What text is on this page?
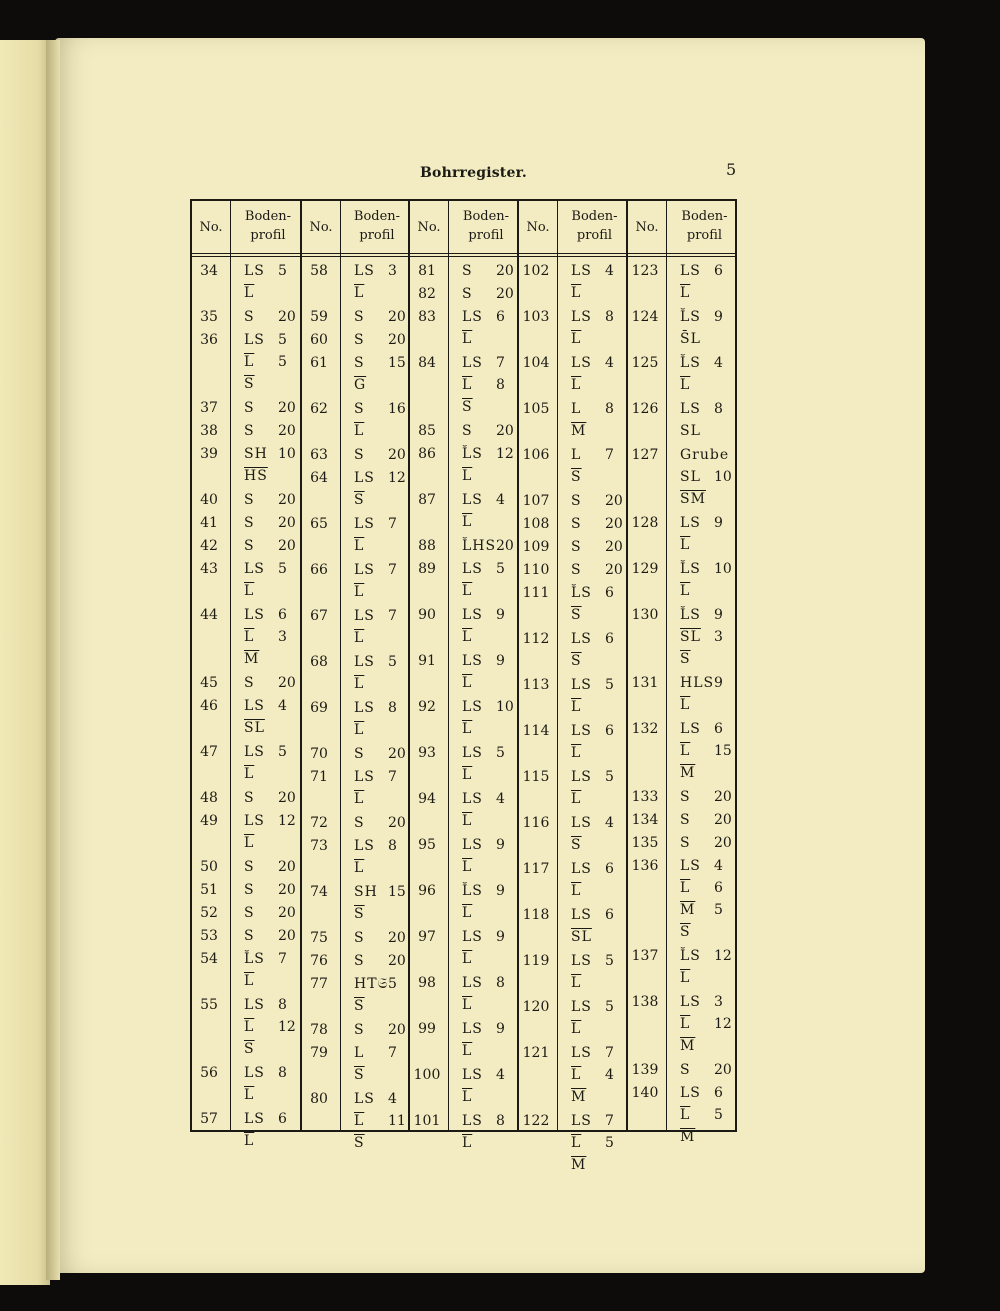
Bohrregister.	5
No.
Boden-
profil
34	LS 5
$\overline{L}$
35	S 20
36	LS 5
$\overline{L}$ 5
$\overline{S}$
37	S 20
38	S 20
39	SH 10
$\overline{HS}$
40	S 20
41	S 20
42	S 20
43	LS 5
$\overline{L}$
44	LS 6
$\overline{L}$ 3
$\overline{M}$
45	S 20
46	LS 4
$\overline{SL}$
47	LS 5
$\overline{L}$
48	S 20
49	LS 12
$\overline{L}$
50	S 20
51	S 20
52	S 20
53	S 20
54	L̆S 7
$\overline{L}$
55	LS 8
$\overline{L}$ 12
$\overline{S}$
56	LS 8
$\overline{L}$
57	LS 6
$\overline{L}$
No.
Boden-
profil
58	LS 3
$\overline{L}$
59	S 20
60	S 20
61	S 15
$\overline{G}$
62	S 16
$\overline{L}$
63	S 20
64	LS 12
$\overline{S}$
65	LS 7
$\overline{L}$
66	LS 7
$\overline{L}$
67	LS 7
$\overline{L}$
68	LS 5
$\overline{L}$
69	LS 8
$\overline{L}$
70	S 20
71	LS 7
$\overline{L}$
72	S 20
73	LS 8
$\overline{L}$
74	SH 15
$\overline{S}$
75	S 20
76	S 20
77	HT𝔖 5
$\overline{S}$
78	S 20
79	L 7
$\overline{S}$
80	LS 4
$\overline{L}$ 11
$\overline{S}$
No.
Boden-
profil
81	S 20
82	S 20
83	LS 6
$\overline{L}$
84	LS 7
$\overline{L}$ 8
$\overline{S}$
85	S 20
86	L̆S 12
$\overline{L}$
87	LS 4
$\overline{L}$
88	L̆HS 20
89	LS 5
$\overline{L}$
90	LS 9
$\overline{L}$
91	LS 9
$\overline{L}$
92	LS 10
$\overline{L}$
93	LS 5
$\overline{L}$
94	LS 4
$\overline{L}$
95	LS 9
$\overline{L}$
96	L̆S 9
$\overline{L}$
97	LS 9
$\overline{L}$
98	LS 8
$\overline{L}$
99	LS 9
$\overline{L}$
100 LS 4
$\overline{L}$
101 LS 8
$\overline{L}$
No.
Boden-
profil
102 LS 4
$\overline{L}$
103 LS 8
$\overline{L}$
104 LS 4
$\overline{L}$
105 L 8
$\overline{M}$
106 L 7
$\overline{S}$
107 S 20
108 S 20
109 S 20
110 S 20
111 L̆S 6
$\overline{S}$
112 LS 6
$\overline{S}$
113 LS 5
$\overline{L}$
114 LS 6
$\overline{L}$
115 LS 5
$\overline{L}$
116 LS 4
$\overline{S}$
117 LS 6
$\overline{L}$
118 LS 6
$\overline{SL}$
119 LS 5
$\overline{L}$
120 LS 5
$\overline{L}$
121 LS 7
$\overline{L}$ 4
$\overline{M}$
122 LS 7
$\overline{L}$ 5
$\overline{M}$
No.
Boden-
profil
123 LS 6
$\overline{L}$
124 L̆S 9
S̄L
125 L̆S 4
$\overline{L}$
126 LS 8
SL
127 Grube
SL 10
$\overline{SM}$
128 LS 9
$\overline{L}$
129 L̆S 10
$\overline{L}$
130 L̆S 9
$\overline{SL}$ 3
$\overline{S}$
131 HLS 9
$\overline{L}$
132 LS 6
$\overline{L}$ 15
$\overline{M}$
133 S 20
134 S 20
135 S 20
136 LS 4
$\overline{L}$ 6
$\overline{M}$ 5
$\overline{S}$
137 L̆S 12
$\overline{L}$
138 LS 3
$\overline{L}$ 12
$\overline{M}$
139 S 20
140 LS 6
$\overline{L}$ 5
$\overline{M}$
